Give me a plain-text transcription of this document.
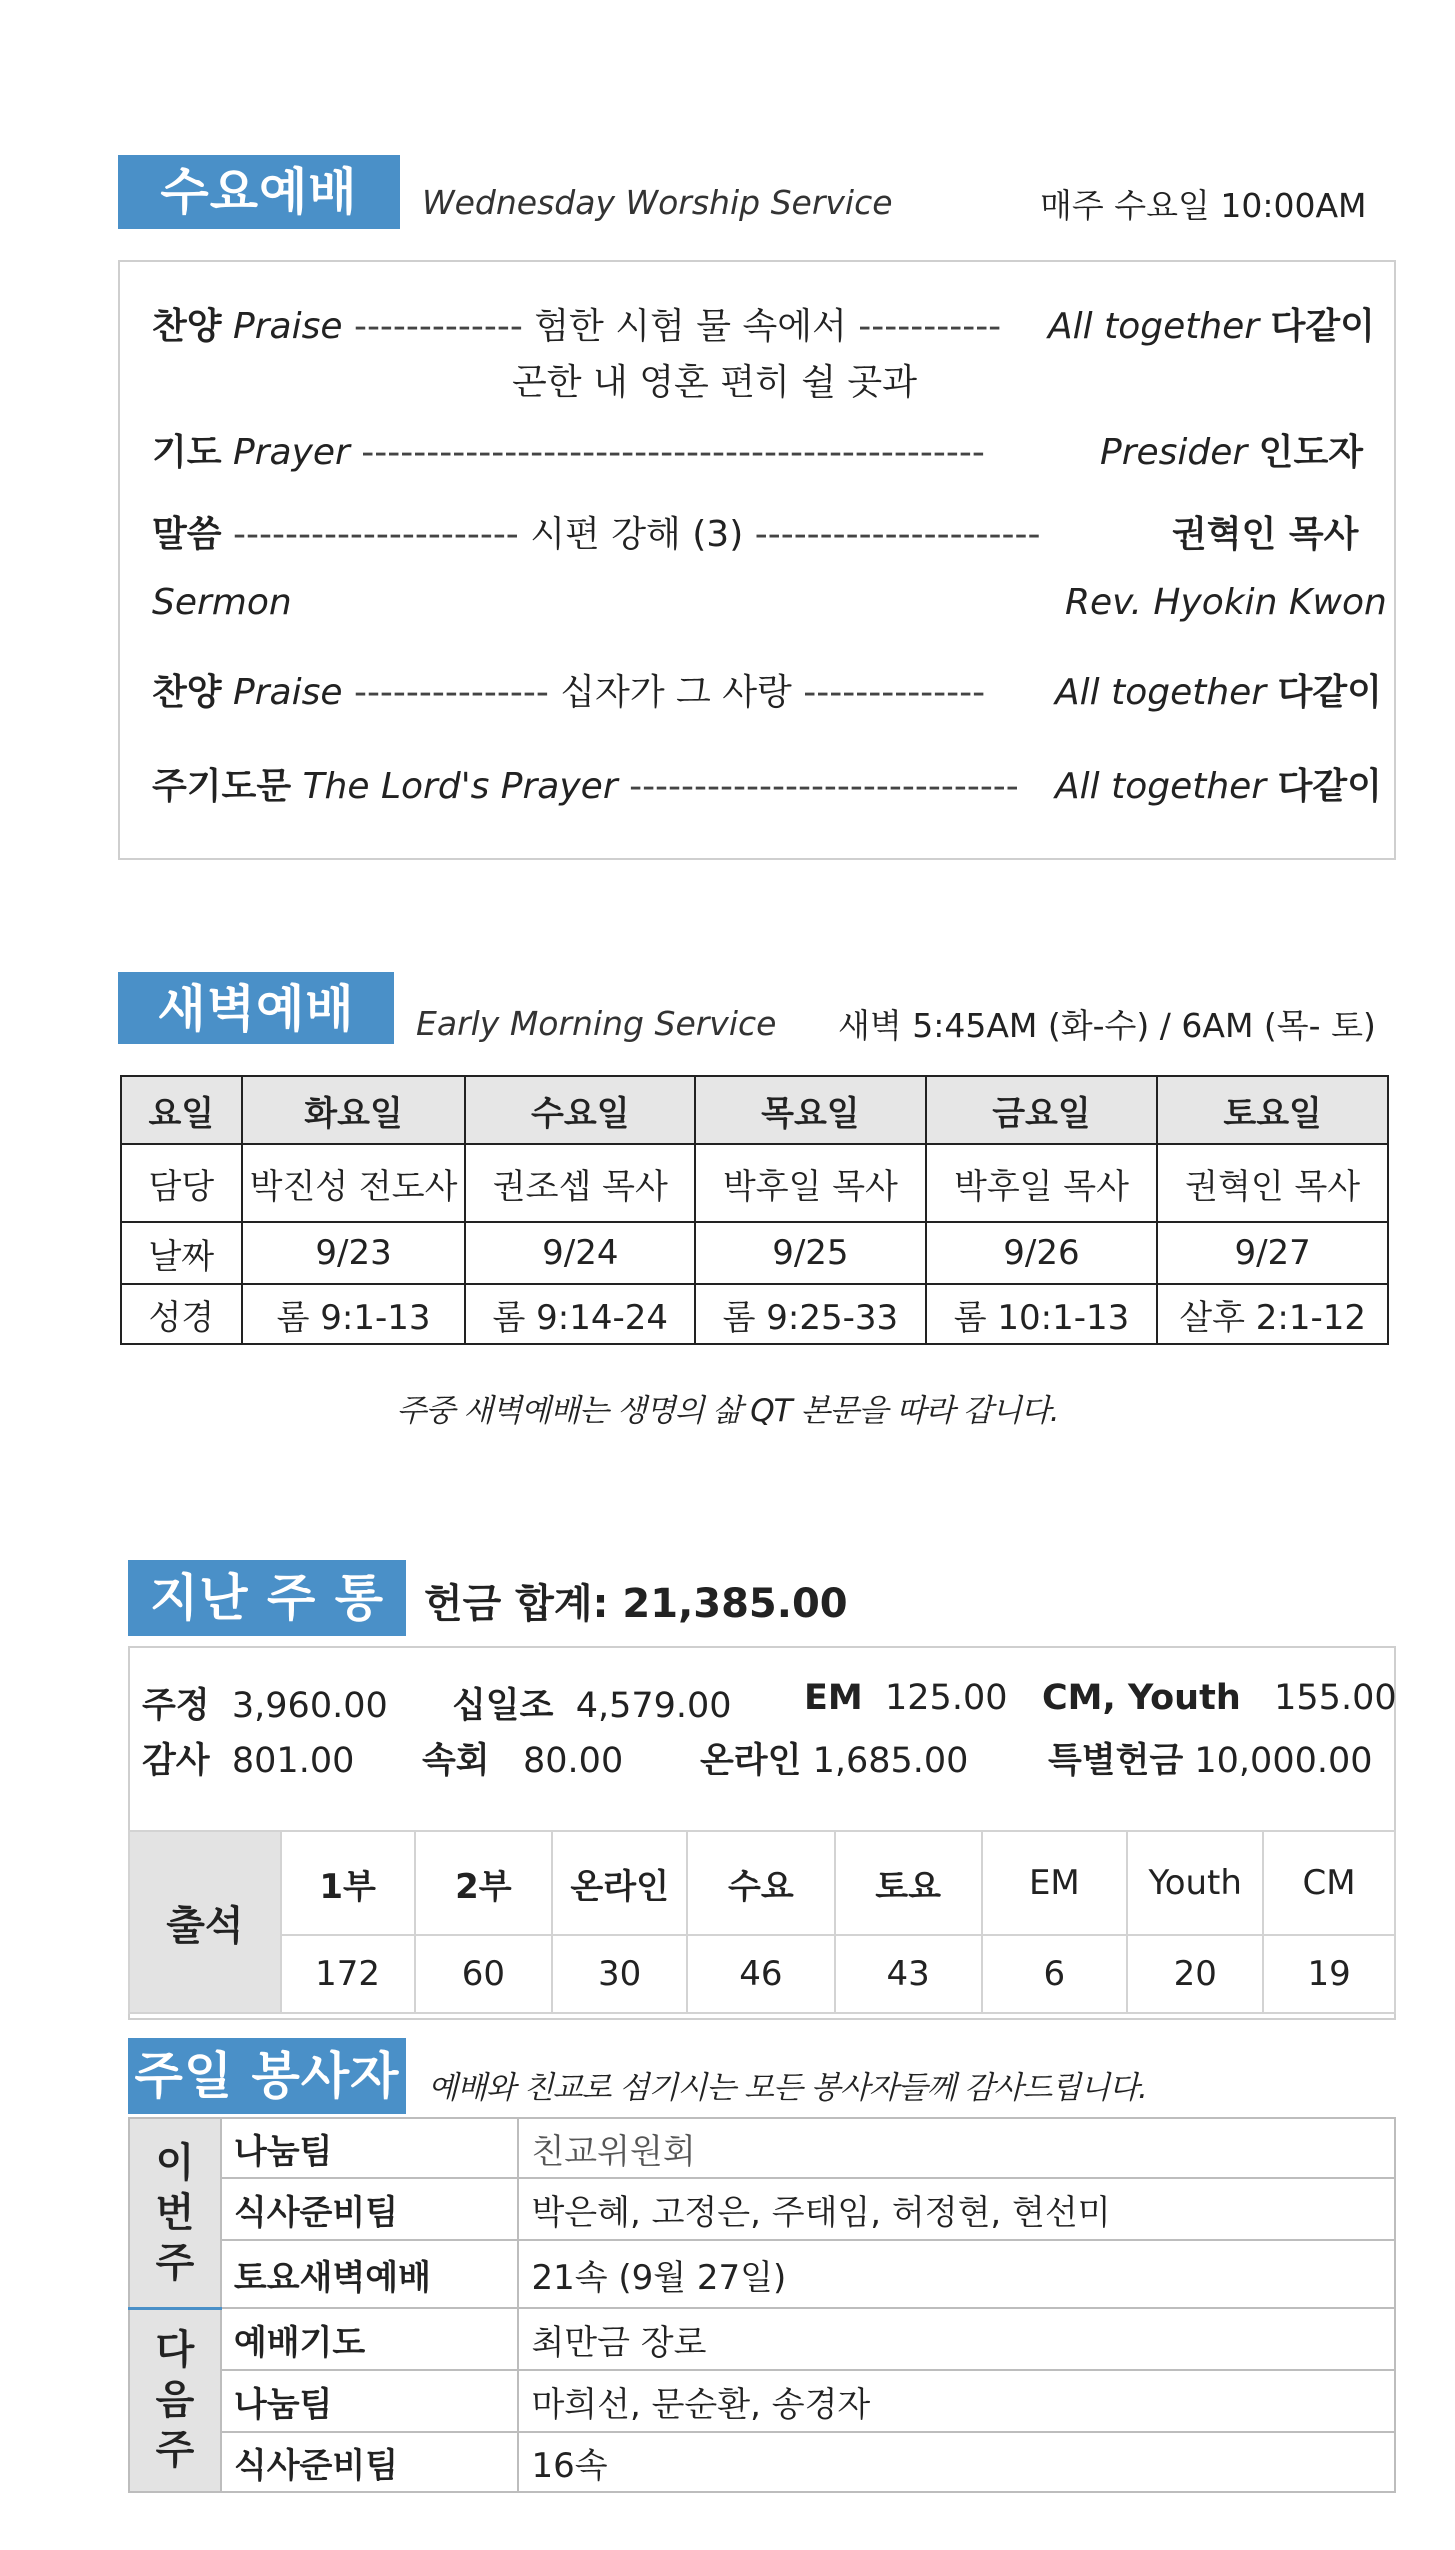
수요예배	Wednesday Worship Service	매주 수요일 10:00AM
찬양 Praise ------------- 험한 시험 물 속에서 -----------	All together 다같이
곤한 내 영혼 편히 쉴 곳과
기도 Prayer ------------------------------------------------	Presider 인도자
말씀 ---------------------- 시편 강해 (3) ----------------------	권혁인 목사
Sermon	Rev. Hyokin Kwon
찬양 Praise --------------- 십자가 그 사랑 -------------- All together 다같이
주기도문 The Lord's Prayer ------------------------------ All together 다같이
새벽예배	Early Morning Service 새벽 5:45AM (화-수) / 6AM (목- 토)
요일	화요일	수요일	목요일	금요일	토요일
담당	박진성 전도사	권조셉 목사	박후일 목사	박후일 목사	권혁인 목사
날짜	9/23	9/24	9/25	9/26	9/27
성경	롬 9:1-13	롬 9:14-24	롬 9:25-33	롬 10:1-13	살후 2:1-12
주중 새벽예배는 생명의 삶 QT 본문을 따라 갑니다.
지난 주 통계
헌금 합계: 21,385.00
주정 3,960.00 십일조 4,579.00 EM 125.00 CM, Youth 155.00
감사 801.00 속회 80.00 온라인 1,685.00 특별헌금 10,000.00
출석	1부	2부	온라인	수요	토요	EM	Youth	CM
	172	60	30	46	43	6	20	19
주일 봉사자 예배와 친교로 섬기시는 모든 봉사자들께 감사드립니다.
이
번
주	나눔팀	친교위원회
	식사준비팀	박은혜, 고정은, 주태임, 허정현, 현선미
	토요새벽예배	21속 (9월 27일)
다
음
주	예배기도	최만금 장로
	나눔팀	마희선, 문순환, 송경자
	식사준비팀	16속
